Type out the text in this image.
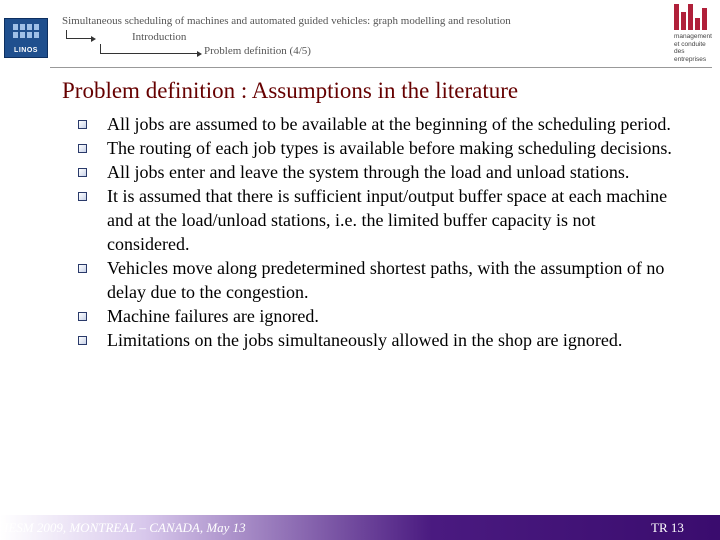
LINOS
Simultaneous scheduling of machines and automated guided vehicles: graph modelling and resolution
Introduction
Problem definition (4/5)
management et conduite des entreprises
Problem definition : Assumptions in the literature
All jobs are assumed to be available at the beginning of the scheduling period.
The routing of each job types is available before making scheduling decisions.
All jobs enter and leave the system through the load and unload stations.
It is assumed that there is sufficient input/output buffer space at each machine and at the load/unload stations, i.e. the limited buffer capacity is not considered.
Vehicles move along predetermined shortest paths, with the assumption of no delay due to the congestion.
Machine failures are ignored.
Limitations on the jobs simultaneously allowed in the shop are ignored.
IESM 2009, MONTREAL – CANADA, May 13	TR 13
